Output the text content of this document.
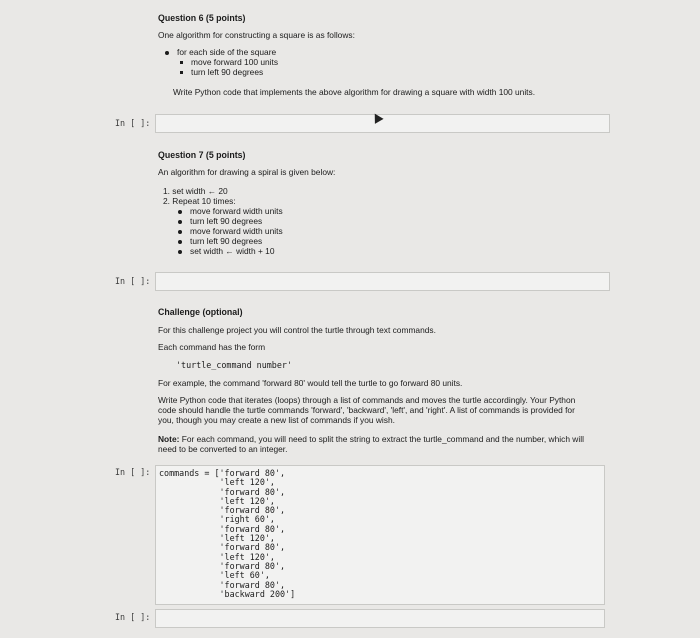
Question 6 (5 points)
One algorithm for constructing a square is as follows:
for each side of the square
move forward 100 units
turn left 90 degrees
Write Python code that implements the above algorithm for drawing a square with width 100 units.
In [ ]:
Question 7 (5 points)
An algorithm for drawing a spiral is given below:
1. set width ← 20
2. Repeat 10 times:
move forward width units
turn left 90 degrees
move forward width units
turn left 90 degrees
set width ← width + 10
In [ ]:
Challenge (optional)
For this challenge project you will control the turtle through text commands.
Each command has the form
'turtle_command number'
For example, the command 'forward 80' would tell the turtle to go forward 80 units.
Write Python code that iterates (loops) through a list of commands and moves the turtle accordingly. Your Python
code should handle the turtle commands 'forward', 'backward', 'left', and 'right'. A list of commands is provided for
you, though you may create a new list of commands if you wish.
Note: For each command, you will need to split the string to extract the turtle_command and the number, which will
need to be converted to an integer.
In [ ]: commands = ['forward 80',
'left 120',
'forward 80',
'left 120',
'forward 80',
'right 60',
'forward 80',
'left 120',
'forward 80',
'left 120',
'forward 80',
'left 60',
'forward 80',
'backward 200']
In [ ]:
